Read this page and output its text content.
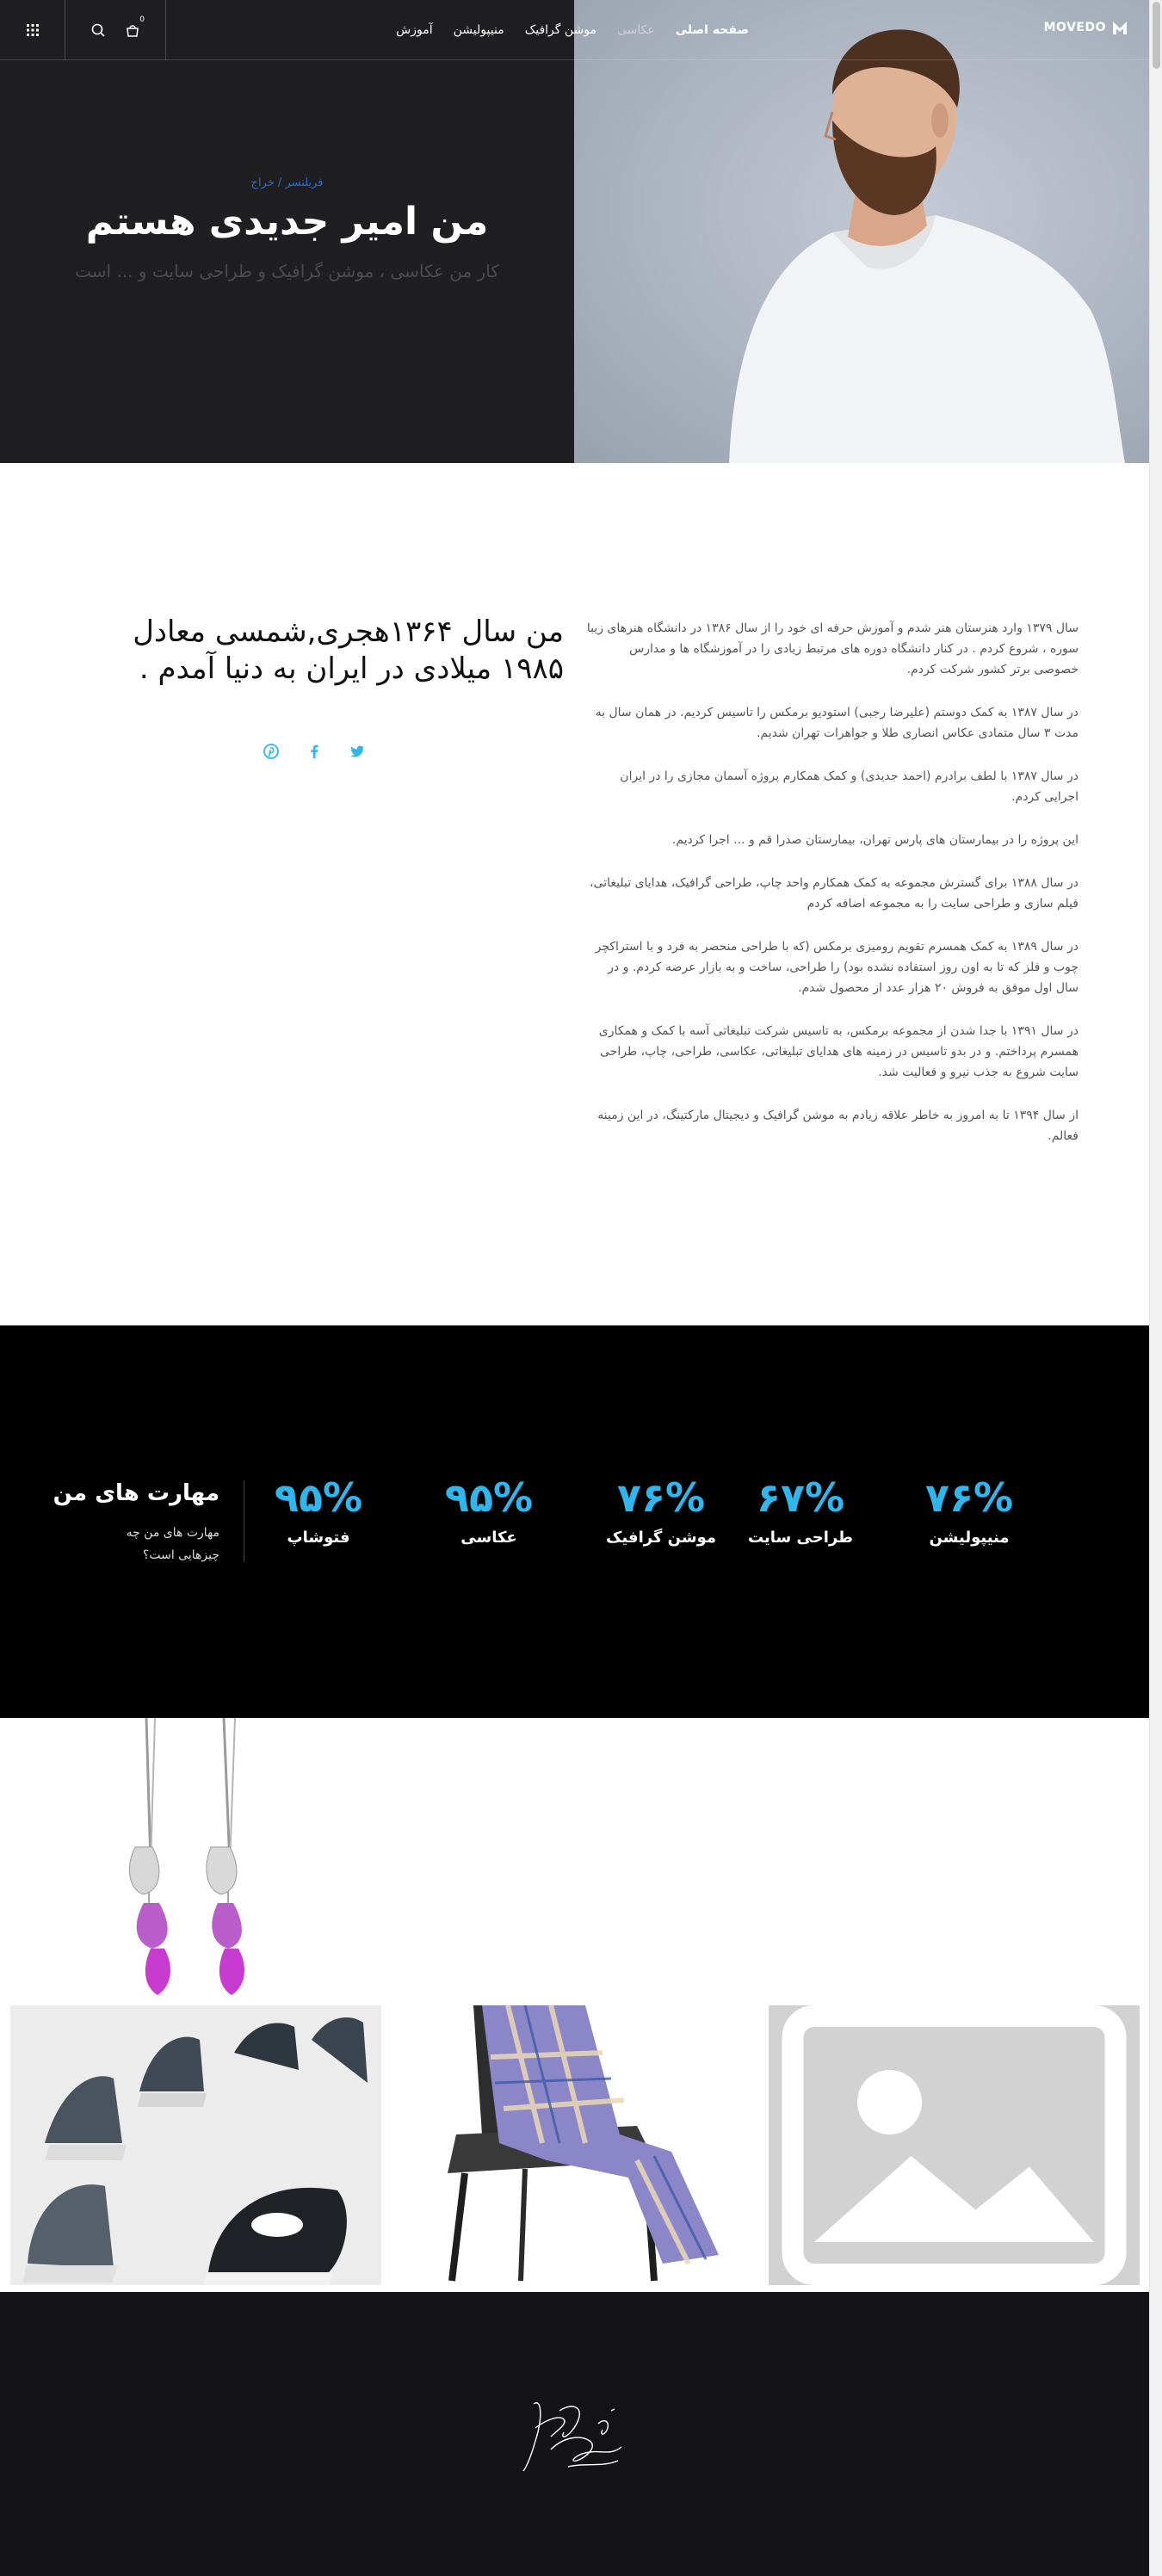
MOVEDO
صفحه اصلی
عکاسی
موشن گرافیک
منیپولیشن
آموزش
0
فریلنسر / خراج
من امیر جدیدی هستم

کار من عکاسی ، موشن گرافیک و طراحی سایت و ... است

سال ۱۳۷۹ وارد هنرستان هنر شدم و آموزش حرفه ای خود را از سال ۱۳۸۶ در دانشگاه هنرهای زیبا سوره ، شروع کردم . در کنار دانشگاه دوره های مرتبط زیادی را در آموزشگاه ها و مدارس خصوصی برتر کشور شرکت کردم.

در سال ۱۳۸۷ به کمک دوستم (علیرضا رجبی) استودیو برمکس را تاسیس کردیم. در همان سال به مدت ۳ سال متمادی عکاس انصاری طلا و جواهرات تهران شدیم.

در سال ۱۳۸۷ با لطف برادرم (احمد جدیدی) و کمک همکارم پروژه آسمان مجازی را در ایران اجرایی کردم.

این پروژه را در بیمارستان های پارس تهران، بیمارستان صدرا قم و ... اجرا کردیم.

در سال ۱۳۸۸ برای گسترش مجموعه به کمک همکارم واحد چاپ، طراحی گرافیک، هدایای تبلیغاتی، فیلم سازی و طراحی سایت را به مجموعه اضافه کردم

در سال ۱۳۸۹ به کمک همسرم تقویم رومیزی برمکس (که با طراحی منحصر به فرد و با استراکچر چوب و فلز که تا به اون روز استفاده نشده بود) را طراحی، ساخت و به بازار عرضه کردم. و در سال اول موفق به فروش ۲۰ هزار عدد از محصول شدم.

در سال ۱۳۹۱ با جدا شدن از مجموعه برمکس، به تاسیس شرکت تبلیغاتی آسه با کمک و همکاری همسرم پرداختم. و در بدو تاسیس در زمینه های هدایای تبلیغاتی، عکاسی، طراحی، چاپ، طراحی سایت شروع به جذب نیرو و فعالیت شد.

از سال ۱۳۹۴ تا به امروز به خاطر علاقه زیادم به موشن گرافیک و دیجیتال مارکتینگ، در این زمینه فعالم.

من سال ۱۳۶۴هجری,شمسی معادل ۱۹۸۵ میلادی در ایران به دنیا آمدم .
مهارت های من

مهارت های من چه چیزهایی است؟

۹۵%
فتوشاپ
۹۵%
عکاسی
۷۶%
موشن گرافیک
۶۷%
طراحی سایت
۷۶%
منیپولیشن
